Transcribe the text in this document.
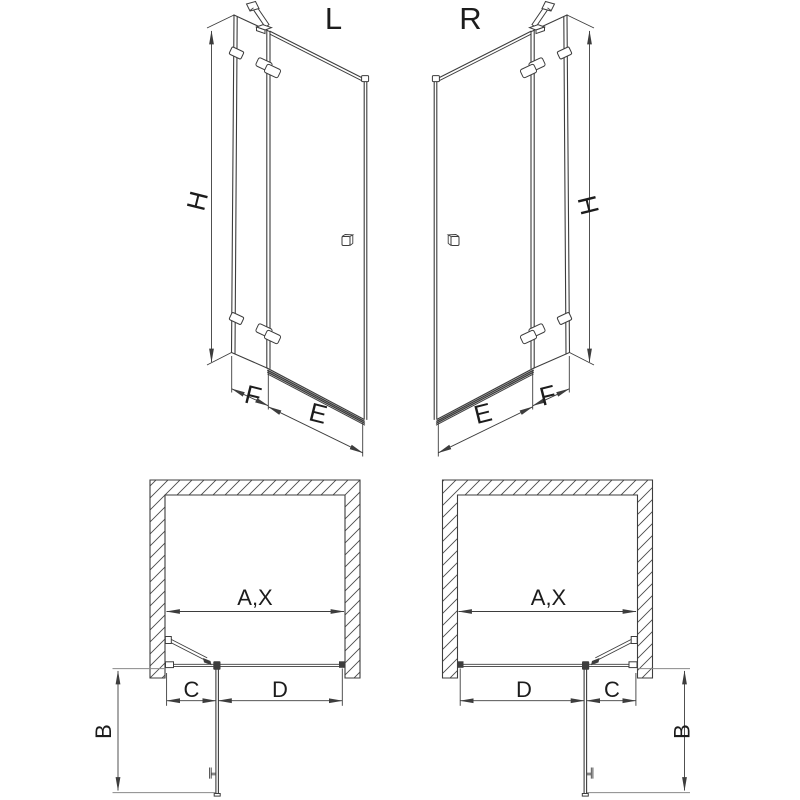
L	R
H	H
F
E	E
F
A,X	A,X
C	D	D	C
B	B
